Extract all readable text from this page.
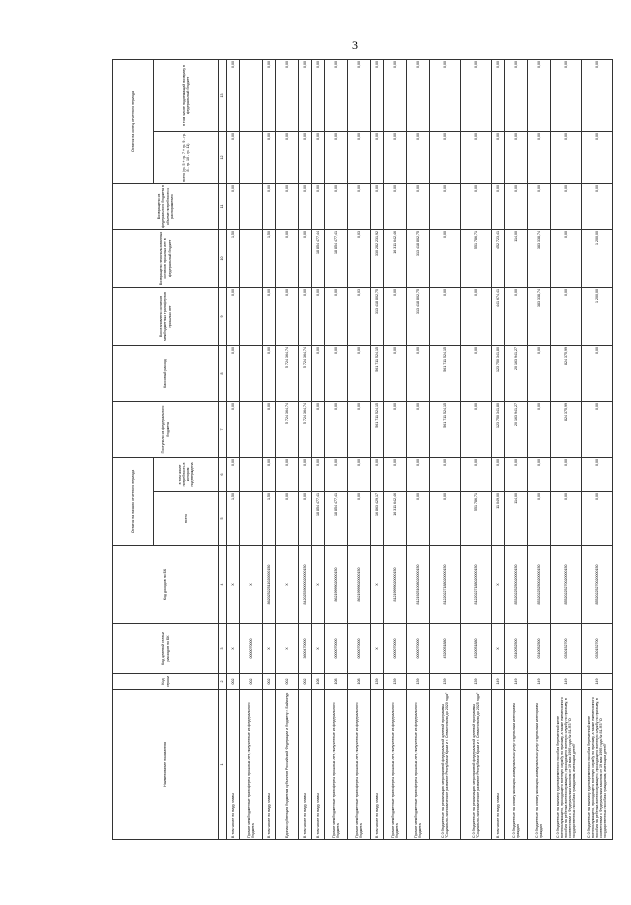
3
Наименование показателя	Код строки	Код целевой статьи расходов по БК	Код доходов по БК	Остаток на начало отчетного периода		Поступило из федерального бюджета	Кассовый расход	Восстановлено остатков межбюджетных трансфертов прошлых лет	Возвращено неиспользованных остатков прошлых лет в федеральный бюджет	Возвращено из федерального бюджета в объеме потребности к распоряжению	Остаток на конец отчетного периода	
				всего	в том числе потребность в котором подтверждена						всего (гр. 5 + гр. 7 + гр. 9 - гр. 8 - гр. 10 - гр. 11)	в том числе подлежащий возврату в федеральный бюджет
1	2	3	4	5	6	7	8	9	10	11	12	13
В том числе по виду главы	002	X	X	1,50	0,00	0,00	0,00	0,00	1,50	0,00	0,00	0,00
Прочие межбюджетные трансферты прошлых лет, полученные из федерального бюджета	002	0000070000	X									
В том числе по виду главы	002	X	86202522511020000150	1,50	0,00	0,00	0,00	0,00	1,50	0,00	0,00	0,00
Единая субвенция бюджетам субъектов Российской Федерации и бюджету г. Байконур	002	X	X	0,00	0,00	5 724 364,74	5 724 364,74	0,00	0,00	0,00	0,00	0,00
В том числе по виду главы	002	3600470000	84202539000020000150	0,00	0,00	5 724 364,74	5 724 364,74	0,00	0,00	0,00	0,00	0,00
В том числе по виду главы	108	X	X	18 854 477,41	0,00	0,00	0,00	0,00	18 854 477,44	0,00	0,00	0,00
Прочие межбюджетные трансферты прошлых лет, полученные из федерального бюджета	108	0000070000	86219999020000150	18 854 477,41	0,00	0,00	0,00	0,00	18 854 477,41	0,00	0,00	0,00
Прочие межбюджетные трансферты прошлых лет, полученные из федерального бюджета	108	0000070000	86219999020000150	0,00	0,00	0,00	0,00	0,03	0,03	0,00	0,00	0,00
В том числе по виду главы	139	X	X	16 863 429,17	0,00	561 711 524,15	561 711 524,15	313 418 802,75	330 282 231,92	0,00	0,00	0,00
Прочие межбюджетные трансферты прошлых лет, полученные из федерального бюджета	139	0000070000	81219999020000150	16 311 642,46	0,00	0,00	0,00	0,00	16 311 642,46	0,00	0,00	0,00
Прочие межбюджетные трансферты прошлых лет, полученные из федерального бюджета	139	0000070000	81219251008020000150	0,00	0,00	0,00	0,00	313 418 802,75	313 418 802,75	0,00	0,00	0,00
С 0 бюджетные на реализацию мероприятий федеральной целевой программы "Социально-экономическое развитие Республики Крым и г. Севастополя до 2020 года"	139	4520051880	81220227188020000150	0,00	0,00	561 711 524,15	561 711 524,15	0,00	0,00	0,00	0,00	0,00
С 0 бюджетные на реализацию мероприятий федеральной целевой программы "Социально-экономическое развитие Республики Крым и г. Севастополя до 2025 года"	139	4520051880	81220227188020000150	551 786,71	0,00	0,00	0,00	0,00	551 786,71	0,00	0,00	0,00
В том числе по виду главы	149	X	X	11 049,00	0,00	123 750 341,80	123 750 341,80	441 674,41	452 723,41	0,00	0,00	0,00
С 0 бюджетные на оплату жилищно-коммунальных услуг отдельным категориям граждан	149	0310052500	85320225250020000150	114,00	0,00	20 163 941,27	20 163 941,27	0,00	114,00	0,00	0,00	0,00
С 0 бюджетные на оплату жилищно-коммунальных услуг отдельным категориям граждан	149	0310052500	85320225250020000150	0,00	0,00	0,00	0,00	383 338,74	383 338,74	0,00	0,00	0,00
С 0 бюджетные на выплату единовременного пособия беременной жене военнослужащего, проходящего военную службу по призыву, а также ежемесячного пособия на ребенка военнослужащего, проходящего военную службу по призыву, в соответствии с Федеральным законом от 19 мая 1995 года № 81-ФЗ "О государственных пособиях гражданам, имеющим детей"	149	0330152700	85520225270020000150	0,00	0,00	824 375,99	824 375,99	0,00	0,00	0,00	0,00	0,00
С 0 бюджетные на выплату единовременного пособия беременной жене военнослужащего, проходящего военную службу по призыву, а также ежемесячного пособия на ребенка военнослужащего, проходящего военную службу по призыву, в соответствии с Федеральным законом от 19 мая 1995 года № 81-ФЗ "О государственных пособиях гражданам, имеющим детей"	149	0330152700	85520225270020000150	0,00	0,00	0,00	0,00	1 200,00	1 200,00	0,00	0,00	0,00
